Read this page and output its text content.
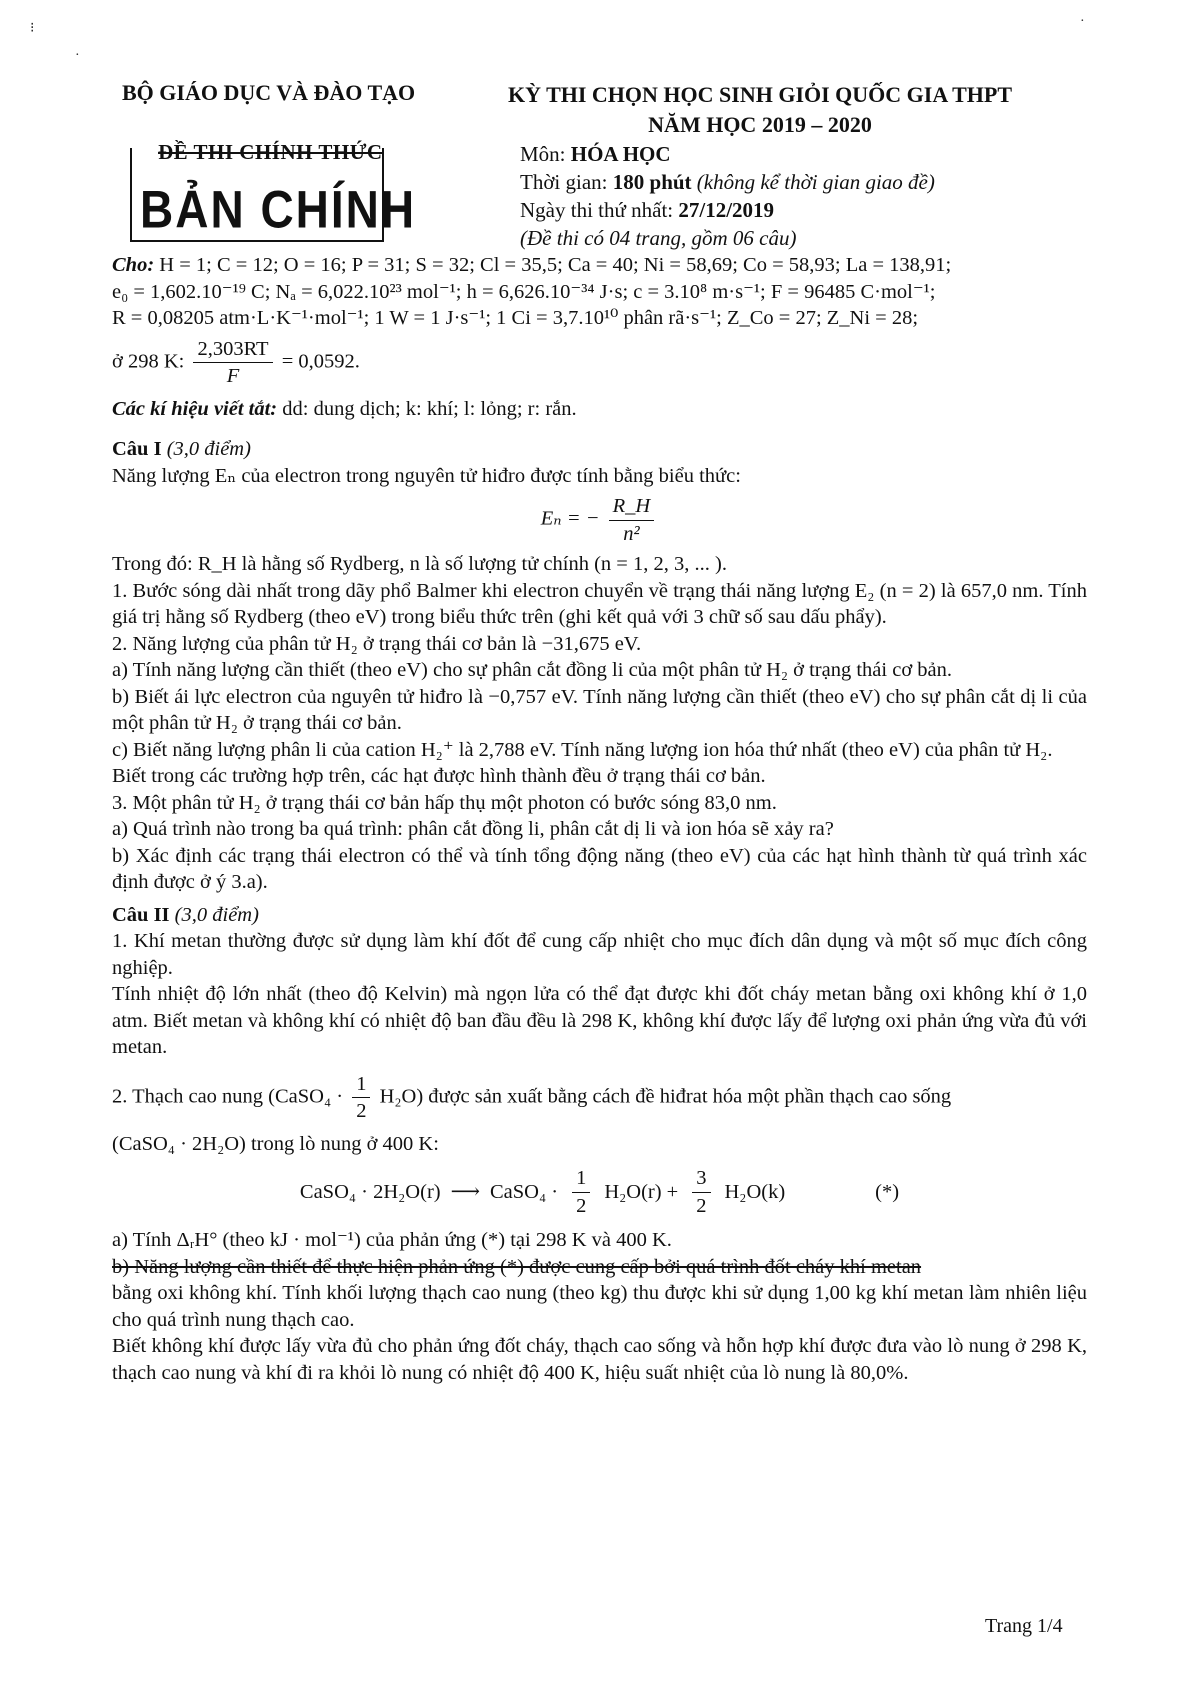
BỘ GIÁO DỤC VÀ ĐÀO TẠO	KỲ THI CHỌN HỌC SINH GIỎI QUỐC GIA THPT
NĂM HỌC 2019 – 2020
ĐỀ THI CHÍNH THỨC
BẢN CHÍNH
Môn: HÓA HỌC
Thời gian: 180 phút (không kể thời gian giao đề)
Ngày thi thứ nhất: 27/12/2019
(Đề thi có 04 trang, gồm 06 câu)

Cho: H = 1; C = 12; O = 16; P = 31; S = 32; Cl = 35,5; Ca = 40; Ni = 58,69; Co = 58,93; La = 138,91;

e₀ = 1,602.10⁻¹⁹ C; Nₐ = 6,022.10²³ mol⁻¹; h = 6,626.10⁻³⁴ J·s; c = 3.10⁸ m·s⁻¹; F = 96485 C·mol⁻¹;

R = 0,08205 atm·L·K⁻¹·mol⁻¹; 1 W = 1 J·s⁻¹; 1 Ci = 3,7.10¹⁰ phân rã·s⁻¹; Z_Co = 27; Z_Ni = 28;

ở 298 K: $\frac{2,303RT}{F} = 0,0592$.

Các kí hiệu viết tắt: dd: dung dịch; k: khí; l: lỏng; r: rắn.

Câu I (3,0 điểm)

Năng lượng Eₙ của electron trong nguyên tử hiđro được tính bằng biểu thức:

Eₙ = − $\frac{R\_H}{\text{n²}}$

Trong đó: R_H là hằng số Rydberg, n là số lượng tử chính (n = 1, 2, 3, ... ).

1. Bước sóng dài nhất trong dãy phổ Balmer khi electron chuyển về trạng thái năng lượng E₂ (n = 2) là 657,0 nm. Tính giá trị hằng số Rydberg (theo eV) trong biểu thức trên (ghi kết quả với 3 chữ số sau dấu phẩy).

2. Năng lượng của phân tử H₂ ở trạng thái cơ bản là −31,675 eV.

a) Tính năng lượng cần thiết (theo eV) cho sự phân cắt đồng li của một phân tử H₂ ở trạng thái cơ bản.

b) Biết ái lực electron của nguyên tử hiđro là −0,757 eV. Tính năng lượng cần thiết (theo eV) cho sự phân cắt dị li của một phân tử H₂ ở trạng thái cơ bản.

c) Biết năng lượng phân li của cation H₂⁺ là 2,788 eV. Tính năng lượng ion hóa thứ nhất (theo eV) của phân tử H₂.

Biết trong các trường hợp trên, các hạt được hình thành đều ở trạng thái cơ bản.

3. Một phân tử H₂ ở trạng thái cơ bản hấp thụ một photon có bước sóng 83,0 nm.

a) Quá trình nào trong ba quá trình: phân cắt đồng li, phân cắt dị li và ion hóa sẽ xảy ra?

b) Xác định các trạng thái electron có thể và tính tổng động năng (theo eV) của các hạt hình thành từ quá trình xác định được ở ý 3.a).

Câu II (3,0 điểm)

1. Khí metan thường được sử dụng làm khí đốt để cung cấp nhiệt cho mục đích dân dụng và một số mục đích công nghiệp.

Tính nhiệt độ lớn nhất (theo độ Kelvin) mà ngọn lửa có thể đạt được khi đốt cháy metan bằng oxi không khí ở 1,0 atm. Biết metan và không khí có nhiệt độ ban đầu đều là 298 K, không khí được lấy để lượng oxi phản ứng vừa đủ với metan.

2. Thạch cao nung (CaSO₄ · $\frac{1}{2} H_2O$) được sản xuất bằng cách đề hiđrat hóa một phần thạch cao sống

(CaSO₄ · 2H₂O) trong lò nung ở 400 K:

CaSO₄ · 2H₂O(r) ⟶ CaSO₄ · $\frac{1}{2} H_2O(r) + \frac{3}{2} H_2O(k)$	(*)

a) Tính ΔᵣH° (theo kJ · mol⁻¹) của phản ứng (*) tại 298 K và 400 K.

b) Năng lượng cần thiết để thực hiện phản ứng (*) được cung cấp bởi quá trình đốt cháy khí metan

bằng oxi không khí. Tính khối lượng thạch cao nung (theo kg) thu được khi sử dụng 1,00 kg khí metan làm nhiên liệu cho quá trình nung thạch cao.

Biết không khí được lấy vừa đủ cho phản ứng đốt cháy, thạch cao sống và hỗn hợp khí được đưa vào lò nung ở 298 K, thạch cao nung và khí đi ra khỏi lò nung có nhiệt độ 400 K, hiệu suất nhiệt của lò nung là 80,0%.

Trang 1/4
⁝
·
·
